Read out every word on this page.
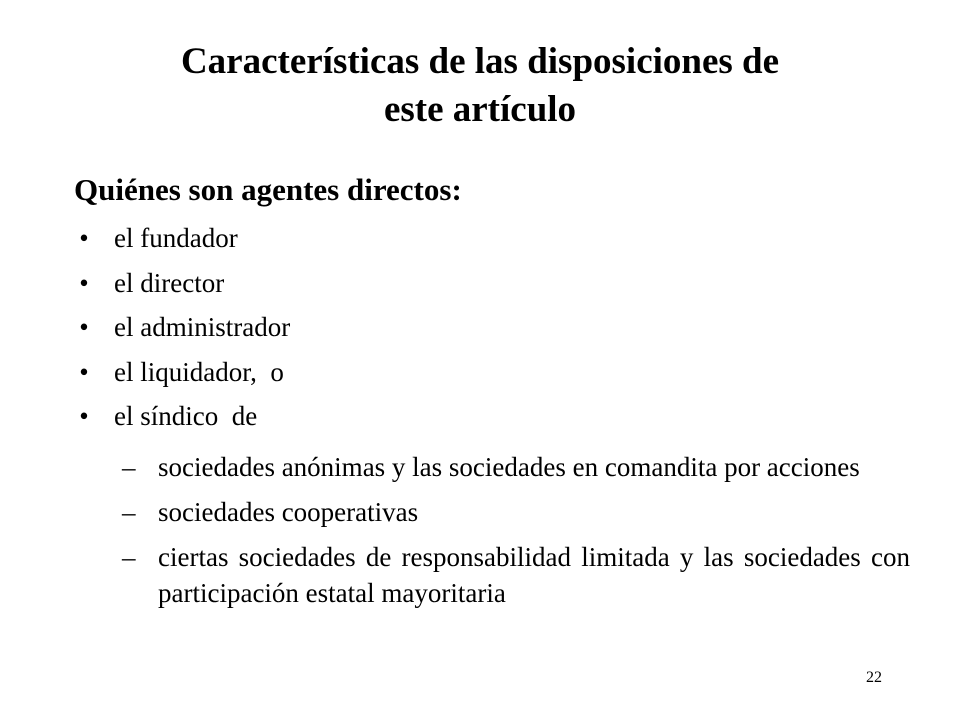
Características de las disposiciones de
este artículo
Quiénes son agentes directos:
• el fundador
• el director
• el administrador
• el liquidador,  o
• el síndico  de
– sociedades anónimas y las sociedades en comandita por acciones
– sociedades cooperativas
– ciertas sociedades de responsabilidad limitada y las sociedades con participación estatal mayoritaria
22
